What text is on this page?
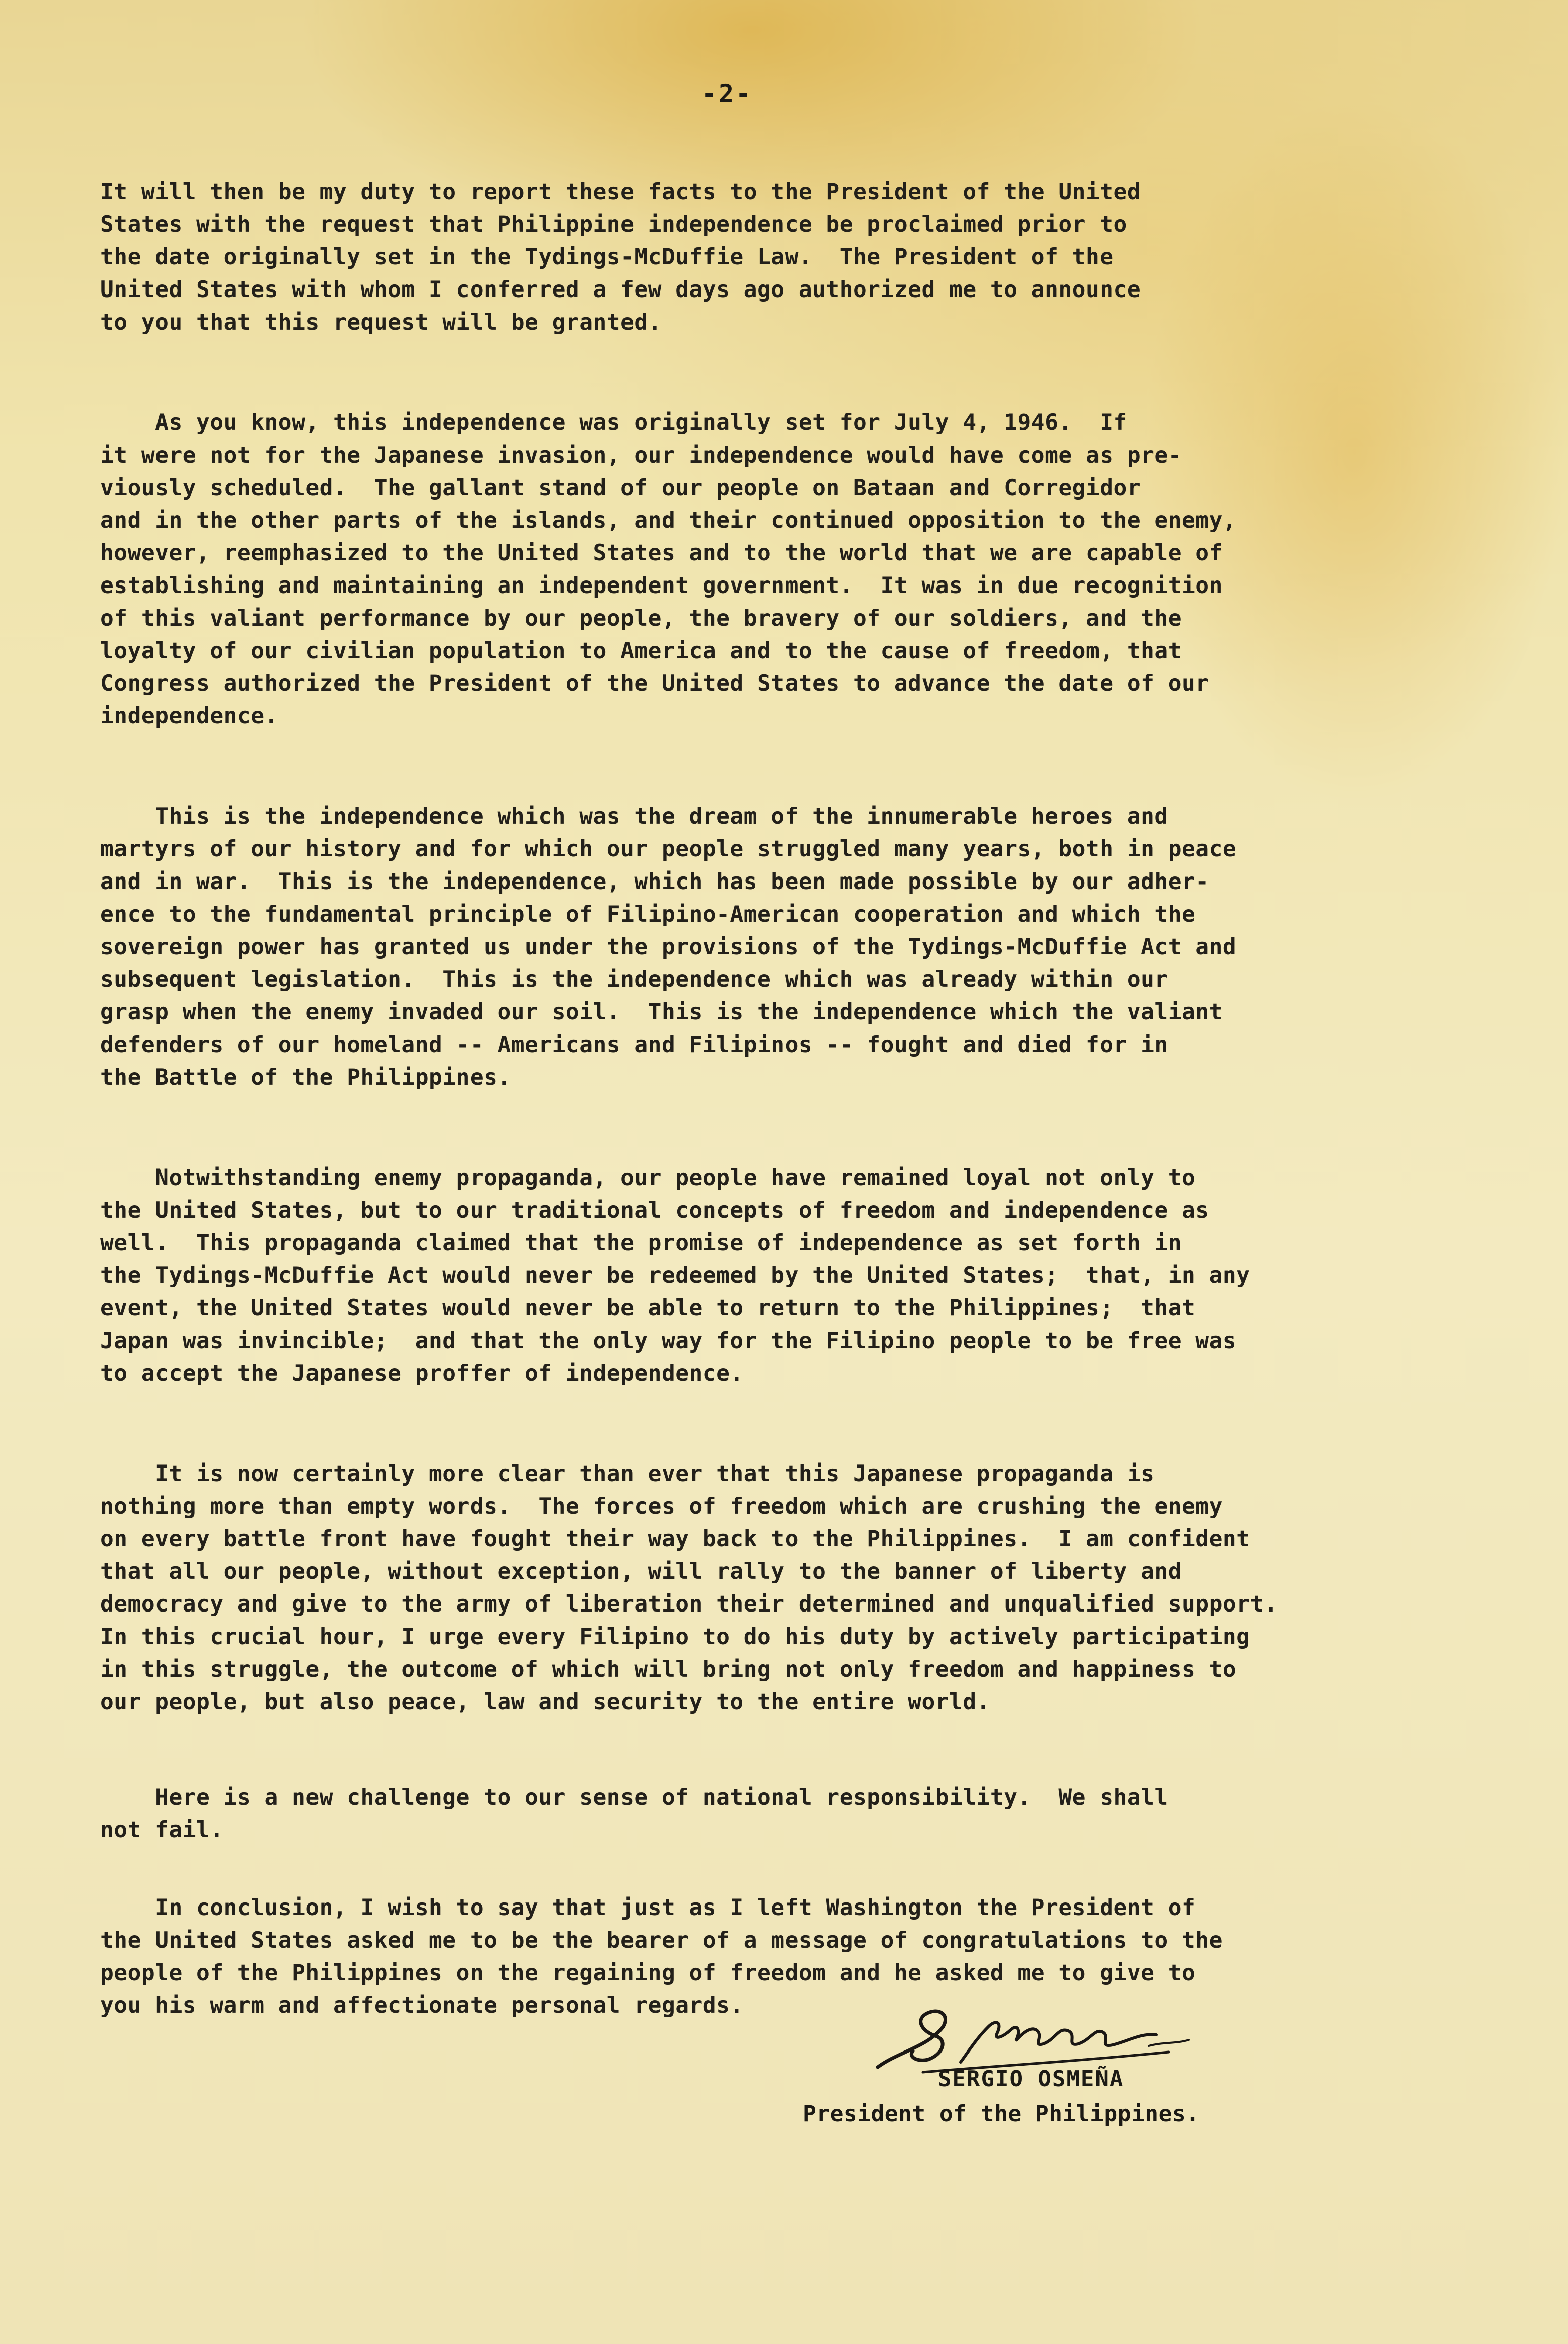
-2-
It will then be my duty to report these facts to the President of the United
States with the request that Philippine independence be proclaimed prior to
the date originally set in the Tydings-McDuffie Law.  The President of the
United States with whom I conferred a few days ago authorized me to announce
to you that this request will be granted.
As you know, this independence was originally set for July 4, 1946.  If
it were not for the Japanese invasion, our independence would have come as pre-
viously scheduled.  The gallant stand of our people on Bataan and Corregidor
and in the other parts of the islands, and their continued opposition to the enemy,
however, reemphasized to the United States and to the world that we are capable of
establishing and maintaining an independent government.  It was in due recognition
of this valiant performance by our people, the bravery of our soldiers, and the
loyalty of our civilian population to America and to the cause of freedom, that
Congress authorized the President of the United States to advance the date of our
independence.
This is the independence which was the dream of the innumerable heroes and
martyrs of our history and for which our people struggled many years, both in peace
and in war.  This is the independence, which has been made possible by our adher-
ence to the fundamental principle of Filipino-American cooperation and which the
sovereign power has granted us under the provisions of the Tydings-McDuffie Act and
subsequent legislation.  This is the independence which was already within our
grasp when the enemy invaded our soil.  This is the independence which the valiant
defenders of our homeland -- Americans and Filipinos -- fought and died for in
the Battle of the Philippines.
Notwithstanding enemy propaganda, our people have remained loyal not only to
the United States, but to our traditional concepts of freedom and independence as
well.  This propaganda claimed that the promise of independence as set forth in
the Tydings-McDuffie Act would never be redeemed by the United States;  that, in any
event, the United States would never be able to return to the Philippines;  that
Japan was invincible;  and that the only way for the Filipino people to be free was
to accept the Japanese proffer of independence.
It is now certainly more clear than ever that this Japanese propaganda is
nothing more than empty words.  The forces of freedom which are crushing the enemy
on every battle front have fought their way back to the Philippines.  I am confident
that all our people, without exception, will rally to the banner of liberty and
democracy and give to the army of liberation their determined and unqualified support.
In this crucial hour, I urge every Filipino to do his duty by actively participating
in this struggle, the outcome of which will bring not only freedom and happiness to
our people, but also peace, law and security to the entire world.
Here is a new challenge to our sense of national responsibility.  We shall
not fail.
In conclusion, I wish to say that just as I left Washington the President of
the United States asked me to be the bearer of a message of congratulations to the
people of the Philippines on the regaining of freedom and he asked me to give to
you his warm and affectionate personal regards.
SERGIO OSMEÑA
President of the Philippines.
